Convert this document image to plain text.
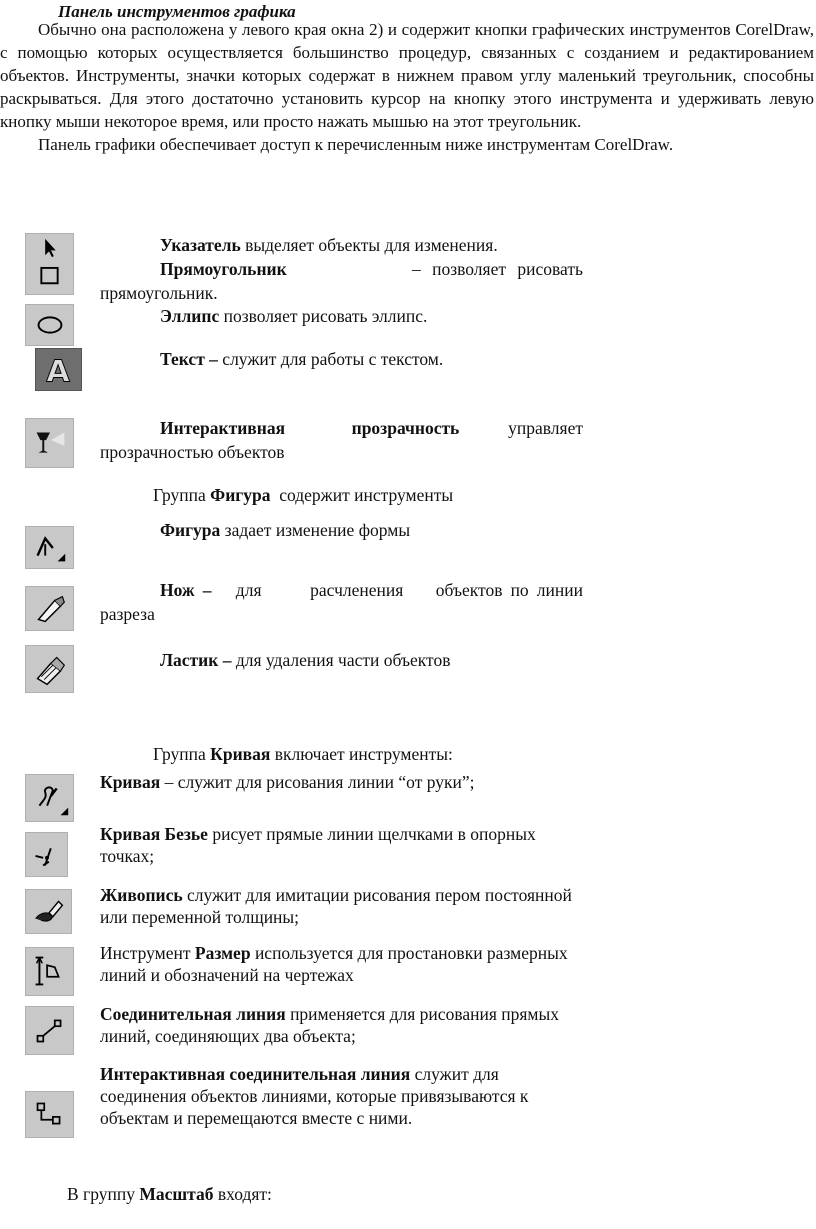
Панель инструментов графика

Обычно она расположена у левого края окна 2) и содержит кнопки графических инструментов CorelDraw, с помощью которых осуществляется большинство процедур, связанных с созданием и редактированием объектов. Инструменты, значки которых содержат в нижнем правом углу маленький треугольник, способны раскрываться. Для этого достаточно установить курсор на кнопку этого инструмента и удерживать левую кнопку мыши некоторое время, или просто нажать мышью на этот треугольник.

Панель графики обеспечивает доступ к перечисленным ниже инструментам CorelDraw.

A
Указатель выделяет объекты для изменения.
Прямоугольник           – позволяет рисовать
прямоугольник.
Эллипс позволяет рисовать эллипс.
Текст – служит для работы с текстом.
Интерактивная               прозрачность           управляет
прозрачностью объектов
Группа Фигура  содержит инструменты
Фигура задает изменение формы
Нож –   для      расчленения    объектов по линии
разреза
Ластик – для удаления части объектов
Группа Кривая включает инструменты:
Кривая – служит для рисования линии “от руки”;
Кривая Безье рисует прямые линии щелчками в опорных точках;
Живопись служит для имитации рисования пером постоянной или переменной толщины;
Инструмент Размер используется для простановки размерных линий и обозначений на чертежах
Соединительная линия применяется для рисования прямых линий, соединяющих два объекта;
Интерактивная соединительная линия служит для соединения объектов линиями, которые привязываются к объектам и перемещаются вместе с ними.
В группу Масштаб входят:
